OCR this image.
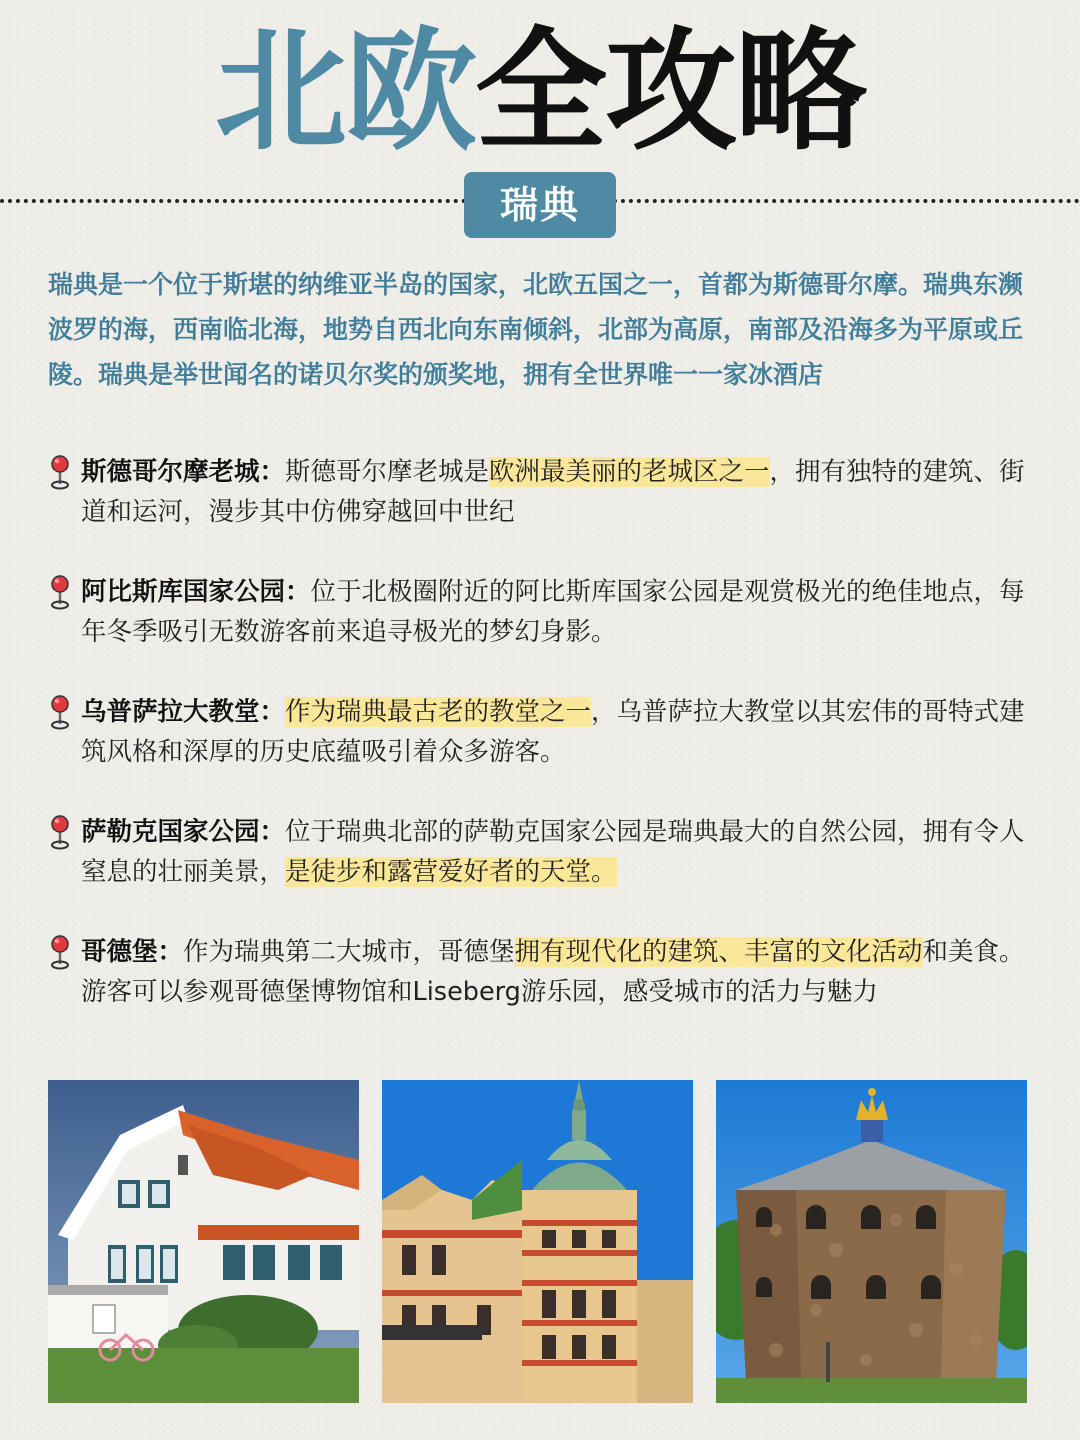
北欧全攻略
瑞典
瑞典是一个位于斯堪的纳维亚半岛的国家，北欧五国之一，首都为斯德哥尔摩。瑞典东濒波罗的海，西南临北海，地势自西北向东南倾斜，北部为高原，南部及沿海多为平原或丘陵。瑞典是举世闻名的诺贝尔奖的颁奖地，拥有全世界唯一一家冰酒店
斯德哥尔摩老城：斯德哥尔摩老城是欧洲最美丽的老城区之一，拥有独特的建筑、街道和运河，漫步其中仿佛穿越回中世纪
阿比斯库国家公园：位于北极圈附近的阿比斯库国家公园是观赏极光的绝佳地点，每年冬季吸引无数游客前来追寻极光的梦幻身影。
乌普萨拉大教堂：作为瑞典最古老的教堂之一，乌普萨拉大教堂以其宏伟的哥特式建筑风格和深厚的历史底蕴吸引着众多游客。
萨勒克国家公园：位于瑞典北部的萨勒克国家公园是瑞典最大的自然公园，拥有令人窒息的壮丽美景，是徒步和露营爱好者的天堂。
哥德堡：作为瑞典第二大城市，哥德堡拥有现代化的建筑、丰富的文化活动和美食。游客可以参观哥德堡博物馆和Liseberg游乐园，感受城市的活力与魅力
